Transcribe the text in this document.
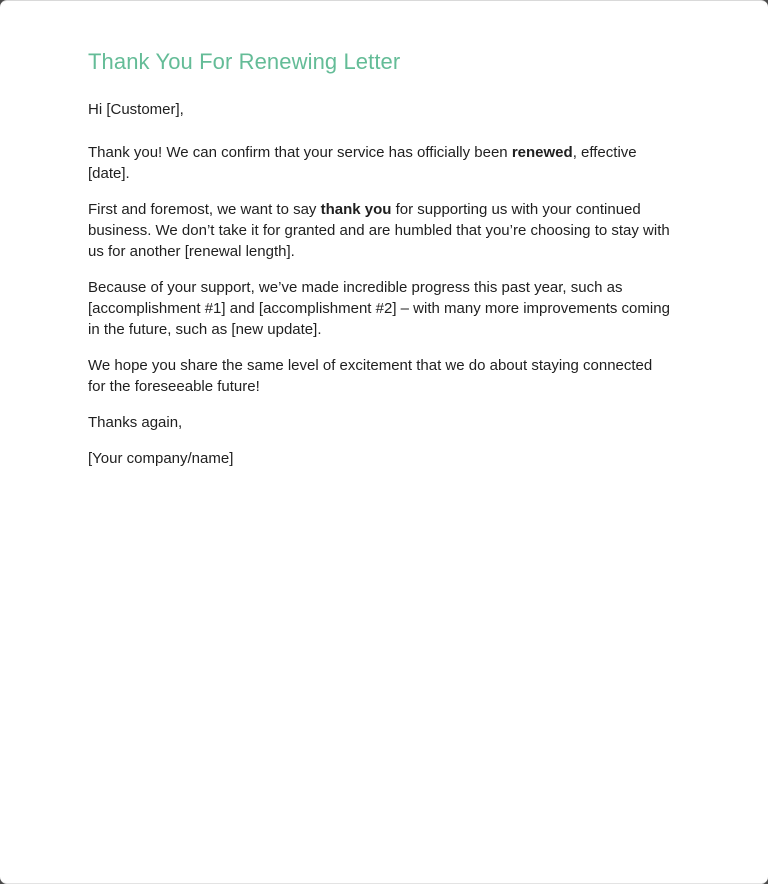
Thank You For Renewing Letter

Hi [Customer],

Thank you! We can confirm that your service has officially been renewed, effective [date].

First and foremost, we want to say thank you for supporting us with your continued business. We don’t take it for granted and are humbled that you’re choosing to stay with us for another [renewal length].

Because of your support, we’ve made incredible progress this past year, such as [accomplishment #1] and [accomplishment #2] – with many more improvements coming in the future, such as [new update].

We hope you share the same level of excitement that we do about staying connected for the foreseeable future!

Thanks again,

[Your company/name]
